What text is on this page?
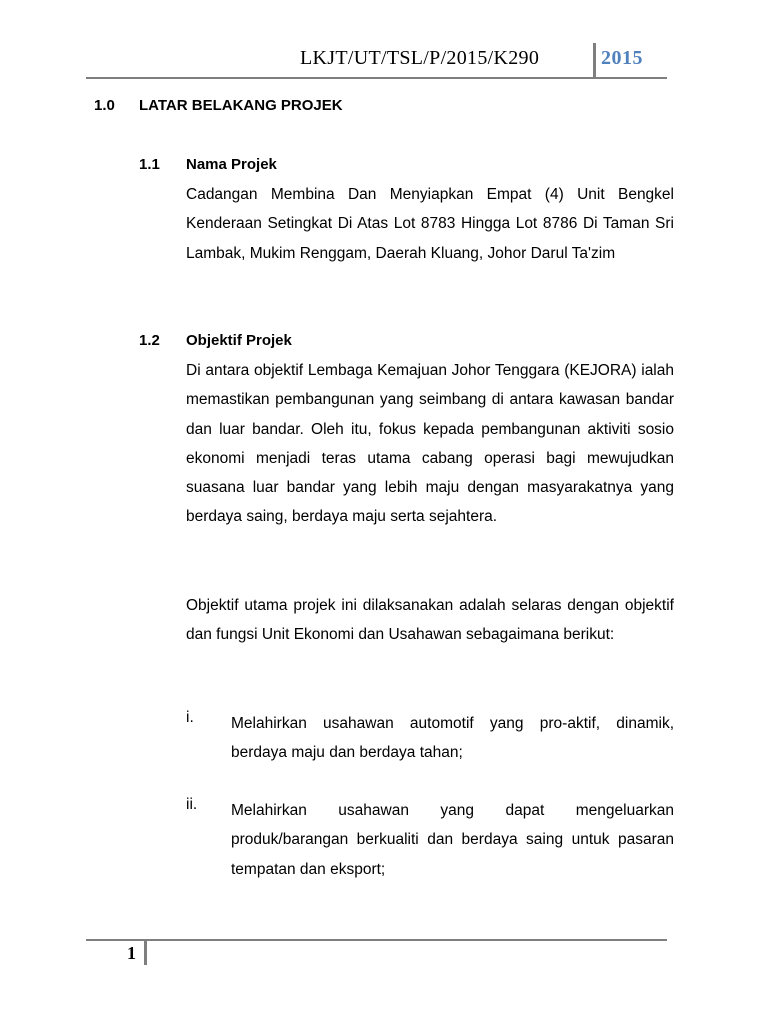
LKJT/UT/TSL/P/2015/K290	2015
1.0 LATAR BELAKANG PROJEK
1.1 Nama Projek
Cadangan Membina Dan Menyiapkan Empat (4) Unit Bengkel Kenderaan Setingkat Di Atas Lot 8783 Hingga Lot 8786 Di Taman Sri Lambak, Mukim Renggam, Daerah Kluang, Johor Darul Ta'zim
1.2 Objektif Projek
Di antara objektif Lembaga Kemajuan Johor Tenggara (KEJORA) ialah memastikan pembangunan yang seimbang di antara kawasan bandar dan luar bandar. Oleh itu, fokus kepada pembangunan aktiviti sosio ekonomi menjadi teras utama cabang operasi bagi mewujudkan suasana luar bandar yang lebih maju dengan masyarakatnya yang berdaya saing, berdaya maju serta sejahtera.
Objektif utama projek ini dilaksanakan adalah selaras dengan objektif dan fungsi Unit Ekonomi dan Usahawan sebagaimana berikut:
i. Melahirkan usahawan automotif yang pro-aktif, dinamik, berdaya maju dan berdaya tahan;
ii. Melahirkan usahawan yang dapat mengeluarkan produk/barangan berkualiti dan berdaya saing untuk pasaran tempatan dan eksport;
1
